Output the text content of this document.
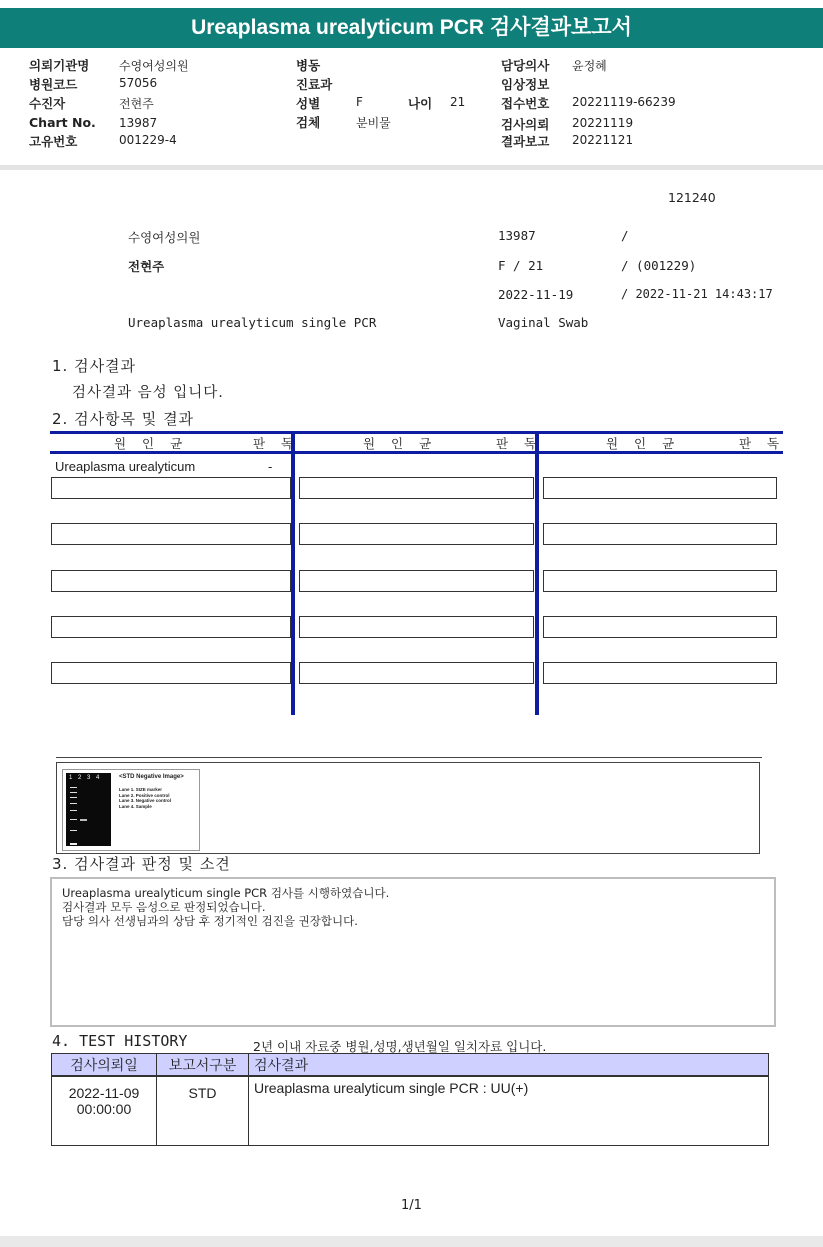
Ureaplasma urealyticum PCR 검사결과보고서
의뢰기관명 수영여성의원
병원코드	57056
수진자	전현주
Chart No. 13987
고유번호	001229-4
병동
진료과
성별	F	나이 21
검체	분비물
담당의사 윤정혜
임상정보
접수번호 20221119-66239
검사의뢰 20221119
결과보고 20221121
121240
수영여성의원	13987	/
전현주	F / 21	/ (001229)
2022-11-19	/ 2022-11-21 14:43:17
Ureaplasma urealyticum single PCR	Vaginal Swab
1. 검사결과
검사결과 음성 입니다.
2. 검사항목 및 결과
원 인 균	판 독	원 인 균	판 독	원 인 균	판 독
Ureaplasma urealyticum	-
1 2 3 4	<STD Negative Image>
Lane 1. SIZE marker
Lane 2. Positive control
Lane 3. Negative control
Lane 4. Sample
3. 검사결과 판정 및 소견
Ureaplasma urealyticum single PCR 검사를 시행하였습니다.
검사결과 모두 음성으로 판정되었습니다.
담당 의사 선생님과의 상담 후 정기적인 검진을 권장합니다.
4. TEST HISTORY	2년 이내 자료중 병원,성명,생년월일 일치자료 입니다.
검사의뢰일	보고서구분	검사결과

2022-11-09
00:00:00	STD	Ureaplasma urealyticum single PCR : UU(+)
1/1
